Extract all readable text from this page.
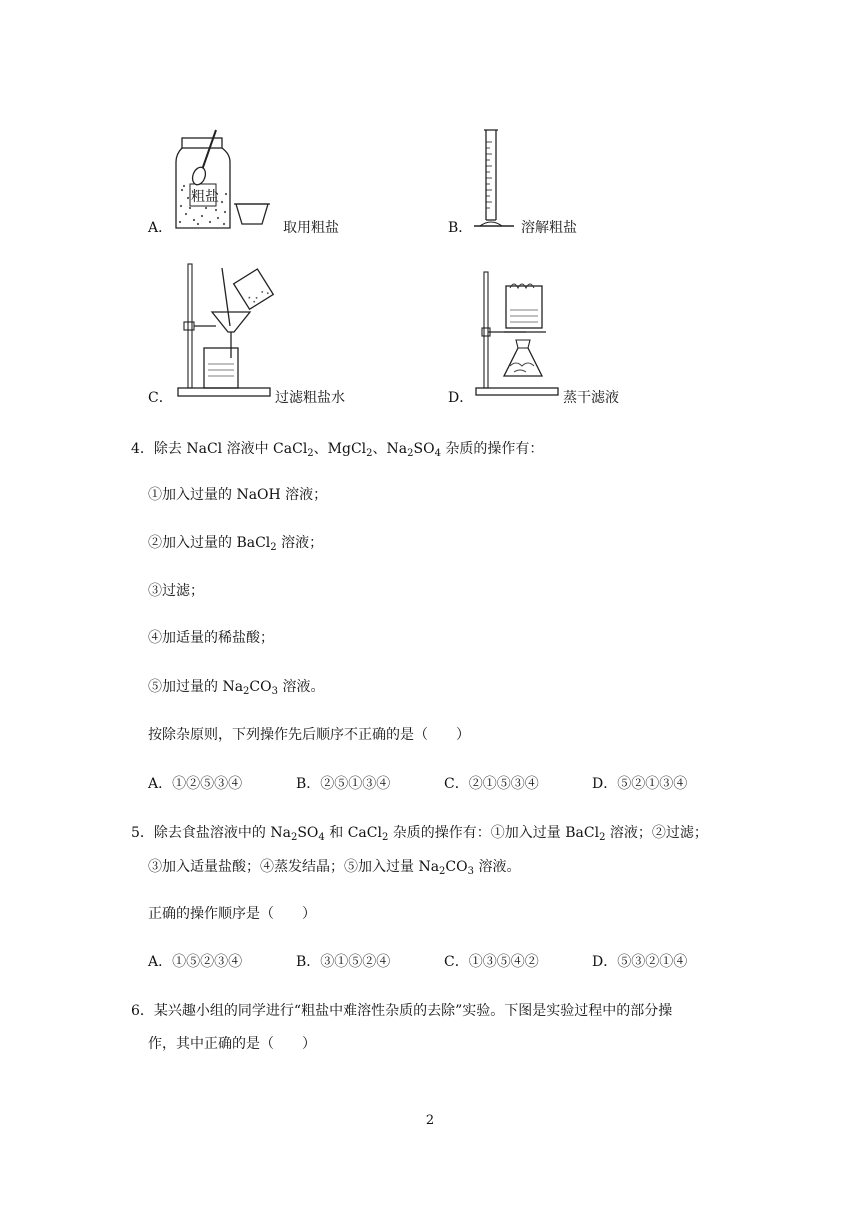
A．
粗盐
取用粗盐	B．	溶解粗盐
C．	过滤粗盐水	D．	蒸干滤液
4．除去 NaCl 溶液中 CaCl$_2$、MgCl$_2$、$Na_2SO_4$ 杂质的操作有：
①加入过量的 NaOH 溶液；
②加入过量的 BaCl$_2$ 溶液；
③过滤；
④加适量的稀盐酸；
⑤加过量的 $Na_2CO_3$ 溶液。
按除杂原则，下列操作先后顺序不正确的是（　　）
A．①②⑤③④	B．②⑤①③④	C．②①⑤③④	D．⑤②①③④
5．除去食盐溶液中的 $Na_2SO_4$ 和 CaCl$_2$ 杂质的操作有：①加入过量 BaCl$_2$ 溶液；②过滤；
③加入适量盐酸；④蒸发结晶；⑤加入过量 $Na_2CO_3$ 溶液。
正确的操作顺序是（　　）
A．①⑤②③④	B．③①⑤②④	C．①③⑤④②	D．⑤③②①④
6．某兴趣小组的同学进行“粗盐中难溶性杂质的去除”实验。下图是实验过程中的部分操
作，其中正确的是（　　）
2
